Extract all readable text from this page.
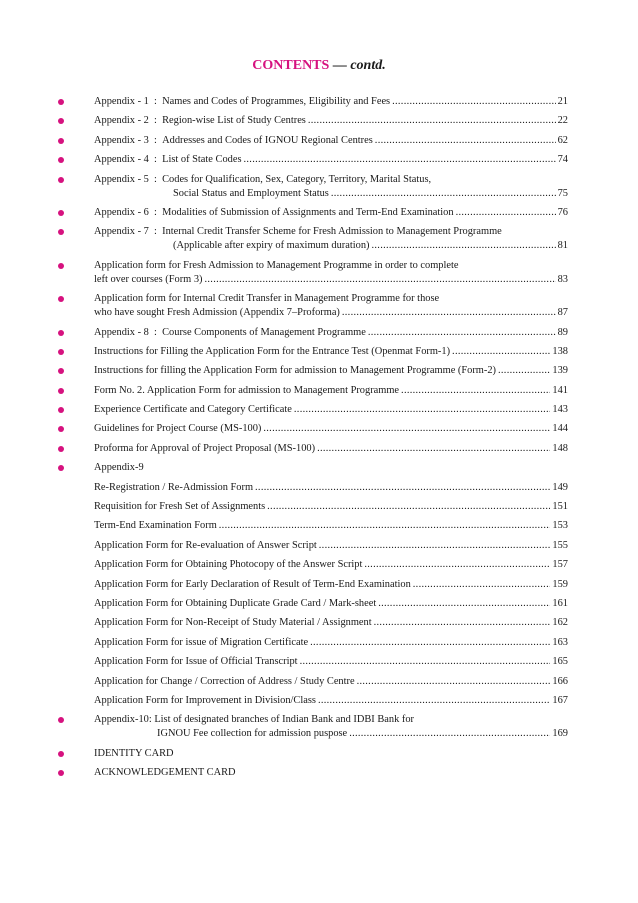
CONTENTS — contd.
Appendix - 1 : Names and Codes of Programmes, Eligibility and Fees .....	21
Appendix - 2 : Region-wise List of Study Centres .....	22
Appendix - 3 : Addresses and Codes of IGNOU Regional Centres .....	62
Appendix - 4 : List of State Codes .....	74
Appendix - 5 : Codes for Qualification, Sex, Category, Territory, Marital Status,
Social Status and Employment Status .....	75
Appendix - 6 : Modalities of Submission of Assignments and Term-End Examination .....	76
Appendix - 7 : Internal Credit Transfer Scheme for Fresh Admission to Management Programme
(Applicable after expiry of maximum duration) .....	81
Application form for Fresh Admission to Management Programme in order to complete
left over courses (Form 3) .....	83
Application form for Internal Credit Transfer in Management Programme for those
who have sought Fresh Admission (Appendix 7–Proforma) .....	87
Appendix - 8 : Course Components of Management Programme .....	89
Instructions for Filling the Application Form for the Entrance Test (Openmat Form-1) .....	138
Instructions for filling the Application Form for admission to Management Programme (Form-2) .....	139
Form No. 2. Application Form for admission to Management Programme .....	141
Experience Certificate and Category Certificate .....	143
Guidelines for Project Course (MS-100) .....	144
Proforma for Approval of Project Proposal (MS-100) .....	148
Appendix-9
Re-Registration / Re-Admission Form .....	149
Requisition for Fresh Set of Assignments .....	151
Term-End Examination Form .....	153
Application Form for Re-evaluation of Answer Script .....	155
Application Form for Obtaining Photocopy of the Answer Script .....	157
Application Form for Early Declaration of Result of Term-End Examination .....	159
Application Form for Obtaining Duplicate Grade Card / Mark-sheet .....	161
Application Form for Non-Receipt of Study Material / Assignment .....	162
Application Form for issue of Migration Certificate .....	163
Application Form for Issue of Official Transcript .....	165
Application for Change / Correction of Address / Study Centre .....	166
Application Form for Improvement in Division/Class .....	167
Appendix-10: List of designated branches of Indian Bank and IDBI Bank for
IGNOU Fee collection for admission puspose .....	169
IDENTITY CARD
ACKNOWLEDGEMENT CARD
